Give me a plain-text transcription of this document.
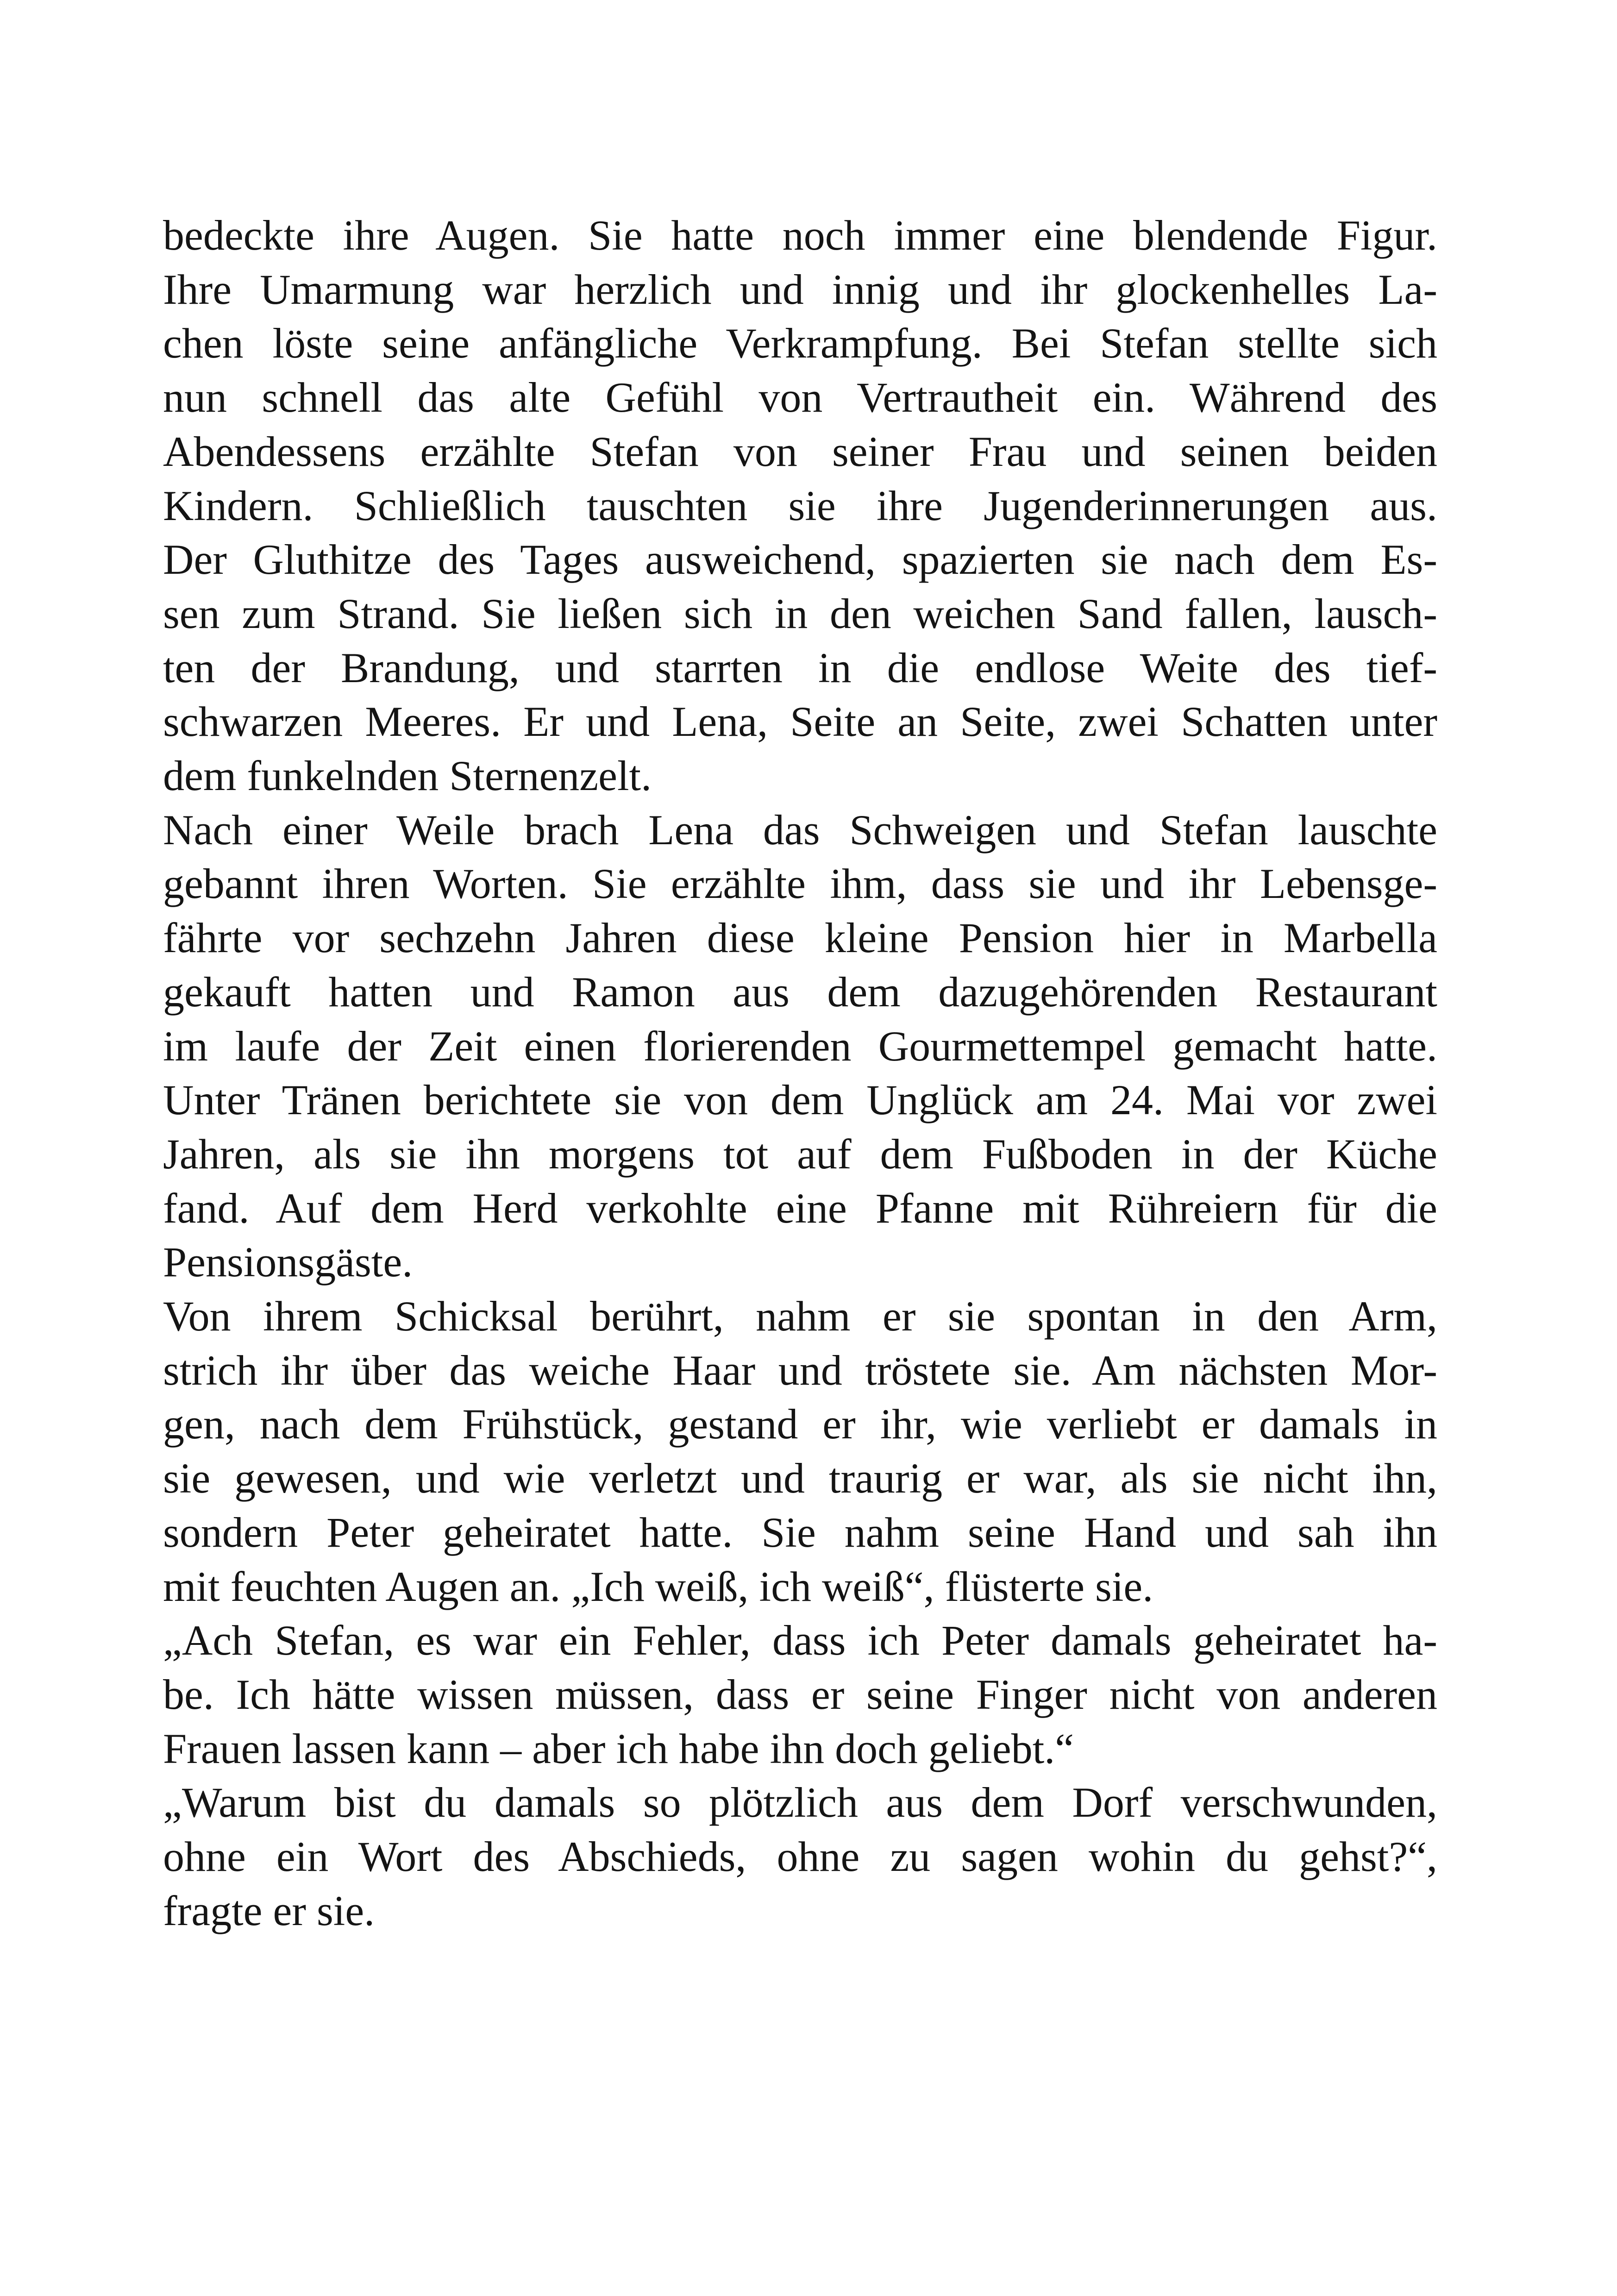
bedeckte ihre Augen. Sie hatte noch immer eine blendende Figur.
Ihre Umarmung war herzlich und innig und ihr glockenhelles La-
chen löste seine anfängliche Verkrampfung. Bei Stefan stellte sich
nun schnell das alte Gefühl von Vertrautheit ein. Während des
Abendessens erzählte Stefan von seiner Frau und seinen beiden
Kindern. Schließlich tauschten sie ihre Jugenderinnerungen aus.
Der Gluthitze des Tages ausweichend, spazierten sie nach dem Es-
sen zum Strand. Sie ließen sich in den weichen Sand fallen, lausch-
ten der Brandung, und starrten in die endlose Weite des tief-
schwarzen Meeres. Er und Lena, Seite an Seite, zwei Schatten unter
dem funkelnden Sternenzelt.

Nach einer Weile brach Lena das Schweigen und Stefan lauschte
gebannt ihren Worten. Sie erzählte ihm, dass sie und ihr Lebensge-
fährte vor sechzehn Jahren diese kleine Pension hier in Marbella
gekauft hatten und Ramon aus dem dazugehörenden Restaurant
im laufe der Zeit einen florierenden Gourmettempel gemacht hatte.
Unter Tränen berichtete sie von dem Unglück am 24. Mai vor zwei
Jahren, als sie ihn morgens tot auf dem Fußboden in der Küche
fand. Auf dem Herd verkohlte eine Pfanne mit Rühreiern für die
Pensionsgäste.

Von ihrem Schicksal berührt, nahm er sie spontan in den Arm,
strich ihr über das weiche Haar und tröstete sie. Am nächsten Mor-
gen, nach dem Frühstück, gestand er ihr, wie verliebt er damals in
sie gewesen, und wie verletzt und traurig er war, als sie nicht ihn,
sondern Peter geheiratet hatte. Sie nahm seine Hand und sah ihn
mit feuchten Augen an. „Ich weiß, ich weiß“, flüsterte sie.

„Ach Stefan, es war ein Fehler, dass ich Peter damals geheiratet ha-
be. Ich hätte wissen müssen, dass er seine Finger nicht von anderen
Frauen lassen kann – aber ich habe ihn doch geliebt.“

„Warum bist du damals so plötzlich aus dem Dorf verschwunden,
ohne ein Wort des Abschieds, ohne zu sagen wohin du gehst?“,
fragte er sie.
